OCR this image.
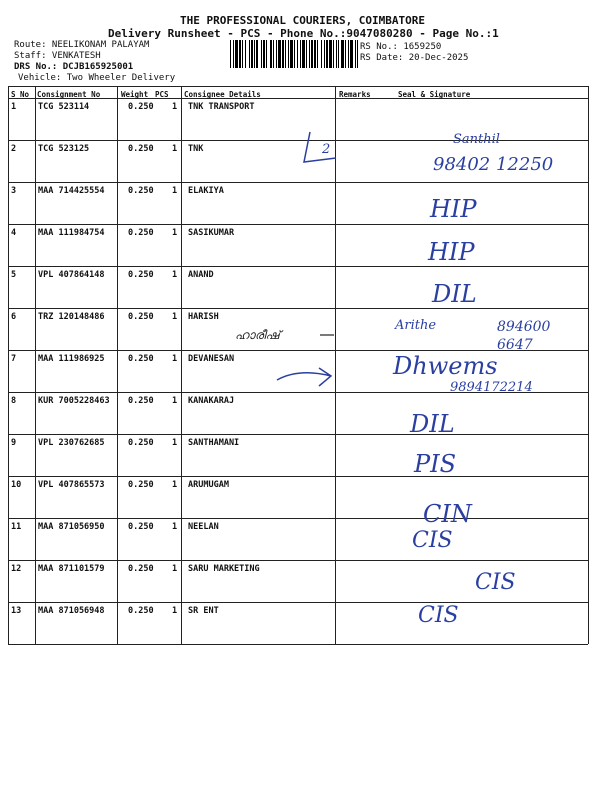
THE PROFESSIONAL COURIERS, COIMBATORE
Delivery Runsheet - PCS - Phone No.:9047080280 - Page No.:1
Route: NEELIKONAM PALAYAM
Staff: VENKATESH
DRS No.: DCJB165925001
Vehicle: Two Wheeler Delivery
RS No.: 1659250
RS Date: 20-Dec-2025
S No Consignment No	Weight PCS Consignee Details	Remarks	Seal & Signature
1	TCG 523114	0.250 1 TNK TRANSPORT
2	TCG 523125	0.250 1 TNK
3	MAA 714425554	0.250 1 ELAKIYA
4	MAA 111984754	0.250 1 SASIKUMAR
5	VPL 407864148	0.250 1 ANAND
6	TRZ 120148486	0.250 1 HARISH
7	MAA 111986925	0.250 1 DEVANESAN
8	KUR 7005228463 0.250 1 KANAKARAJ
9	VPL 230762685	0.250 1 SANTHAMANI
10 VPL 407865573	0.250 1 ARUMUGAM
11 MAA 871056950	0.250 1 NEELAN
12 MAA 871101579	0.250 1 SARU MARKETING
13 MAA 871056948	0.250 1 SR ENT
2
Santhil
98402 12250
HIP
HIP
DIL
ഹാരീഷ്
Arithe	894600 6647
Dhwems
9894172214
DIL
PIS
CIN
CIS
CIS
CIS
